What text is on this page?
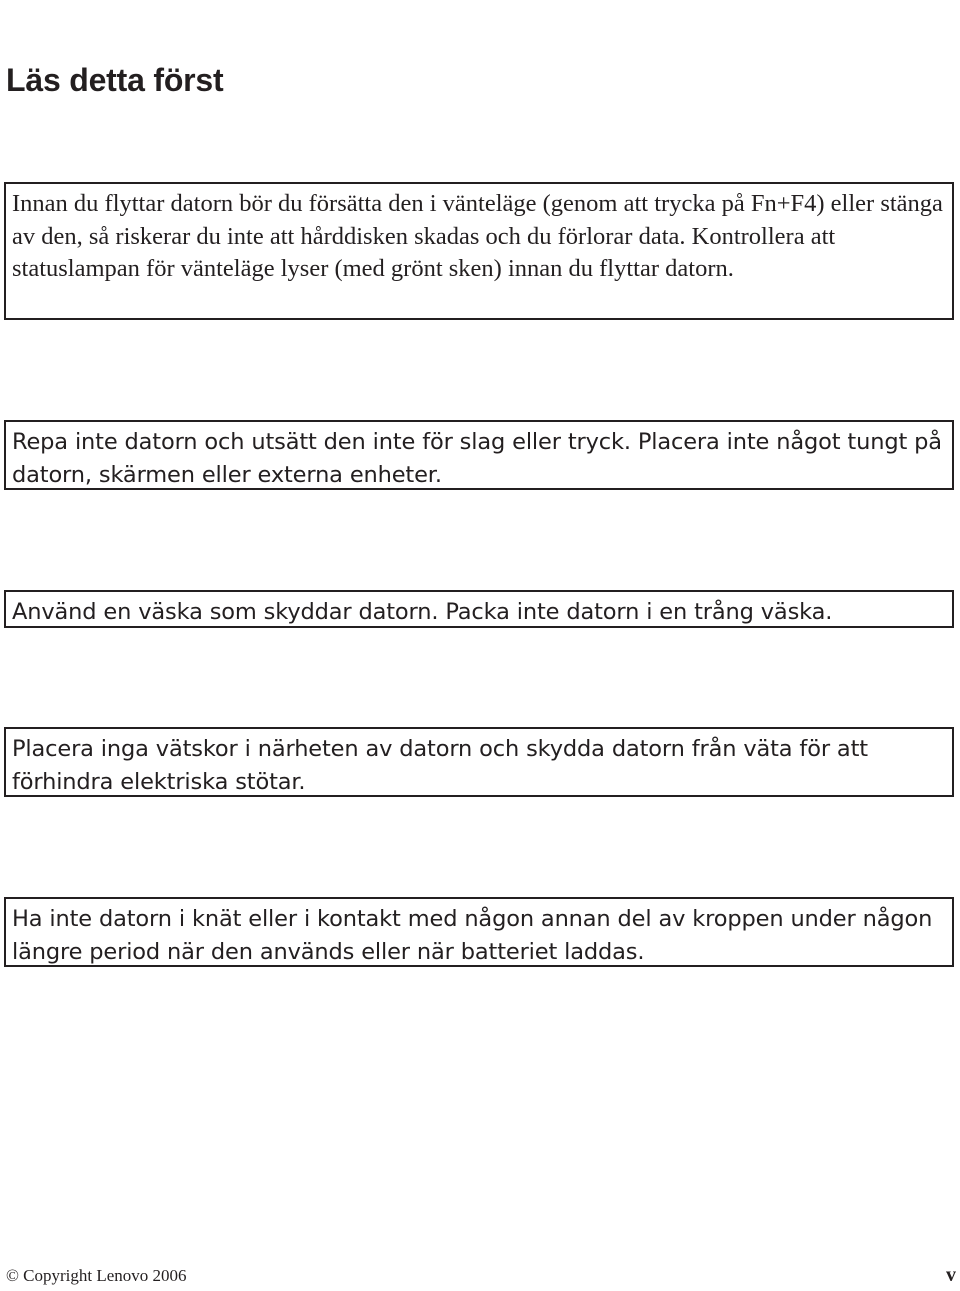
Läs detta först

Innan du flyttar datorn bör du försätta den i vänteläge (genom att trycka på Fn+F4) eller stänga av den, så riskerar du inte att hårddisken skadas och du förlorar data. Kontrollera att statuslampan för vänteläge lyser (med grönt sken) innan du flyttar datorn.

Repa inte datorn och utsätt den inte för slag eller tryck. Placera inte något tungt på datorn, skärmen eller externa enheter.

Använd en väska som skyddar datorn. Packa inte datorn i en trång väska.

Placera inga vätskor i närheten av datorn och skydda datorn från väta för att förhindra elektriska stötar.

Ha inte datorn i knät eller i kontakt med någon annan del av kroppen under någon längre period när den används eller när batteriet laddas.

© Copyright Lenovo 2006	v
